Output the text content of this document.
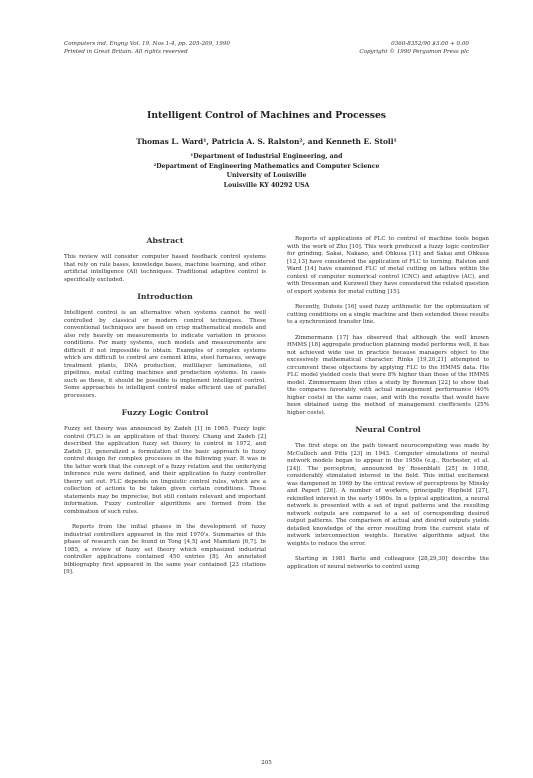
Computers ind. Engng Vol. 19, Nos 1-4, pp. 205-209, 1990
Printed in Great Britain. All rights reserved
0360-8352/90 $3.00 + 0.00
Copyright © 1990 Pergamon Press plc
Intelligent Control of Machines and Processes
Thomas L. Ward¹, Patricia A. S. Ralston², and Kenneth E. Stoll¹
¹Department of Industrial Engineering, and
²Department of Engineering Mathematics and Computer Science
University of Louisville
Louisville KY 40292 USA
Abstract

This review will consider computer based feedback control systems that rely on rule bases, knowledge bases, machine learning, and other artificial intelligence (AI) techniques. Traditional adaptive control is specifically excluded.

Introduction

Intelligent control is an alternative when systems cannot be well controlled by classical or modern control techniques. These conventional techniques are based on crisp mathematical models and also rely heavily on measurements to indicate variation in process conditions. For many systems, such models and measurements are difficult if not impossible to obtain. Examples of complex systems which are difficult to control are cement kilns, steel furnaces, sewage treatment plants, DNA production, multilayer laminations, oil pipelines, metal cutting machines and production systems. In cases such as these, it should be possible to implement intelligent control. Some approaches to intelligent control make efficient use of parallel processors.

Fuzzy Logic Control

Fuzzy set theory was announced by Zadeh [1] in 1965. Fuzzy logic control (FLC) is an application of that theory. Chang and Zadeh [2] described the application fuzzy set theory to control in 1972, and Zadeh [3, generalized a formulation of the basic approach to fuzzy control design for complex processes in the following year. It was in the latter work that the concept of a fuzzy relation and the underlying inference rule were defined, and their application to fuzzy controller theory set out. FLC depends on linguistic control rules, which are a collection of actions to be taken given certain conditions. These statements may be imprecise, but still contain relevant and important information. Fuzzy controller algorithms are formed from the combination of such rules.

Reports from the initial phases in the development of fuzzy industrial controllers appeared in the mid 1970's. Summaries of this phase of research can be found in Tong [4,5] and Mamdani [6,7]. In 1985, a review of fuzzy set theory which emphasized industrial controller applications contained 450 entries [8]. An annotated bibliography first appeared in the same year contained [23 citations [9].

Reports of applications of FLC to control of machine tools began with the work of Zhu [10]. This work produced a fuzzy logic controller for grinding. Sakai, Nakano, and Ohkusa [11] and Sakai and Ohkusa [12,13] have considered the application of FLC to turning. Ralston and Ward [14] have examined FLC of metal cutting on lathes within the context of computer numerical control (CNC) and adaptive (AC), and with Dressman and Kurzweil they have considered the related question of expert systems for metal cutting [15].

Recently, Dubois [16] used fuzzy arithmetic for the optimization of cutting conditions on a single machine and then extended these results to a synchronized transfer line.

Zimmermann [17] has observed that although the well known HMMS [18] aggregate production planning model performs well, it has not achieved wide use in practice because managers object to the excessively mathematical character. Rinks [19,20,21] attempted to circumvent these objections by applying FLC to the HMMS data. His FLC model yielded costs that were 8% higher than those of the HMMS model. Zimmermann then cites a study by Bowman [22] to show that the compares favorably with actual management performance (40% higher costs) in the same case, and with the results that would have been obtained using the method of management coefficients (25% higher costs).

Neural Control

The first steps on the path toward neurocomputing was made by McCulloch and Pitts [23] in 1943. Computer simulations of neural network models began to appear in the 1950s (e.g., Rochester, et al. [24]). The perceptron, announced by Rosenblatt [25] in 1958, considerably stimulated interest in the field. This initial excitement was dampened in 1969 by the critical review of perceptrons by Minsky and Papert [26]. A number of workers, principally Hopfield [27], rekindled interest in the early 1980s. In a typical application, a neural network is presented with a set of input patterns and the resulting network outputs are compared to a set of corresponding desired output patterns. The comparison of actual and desired outputs yields detailed knowledge of the error resulting from the current state of network interconnection weights. Iterative algorithms adjust the weights to reduce the error.

Starting in 1981 Barto and colleagues [28,29,30] describe the application of neural networks to control using

205
